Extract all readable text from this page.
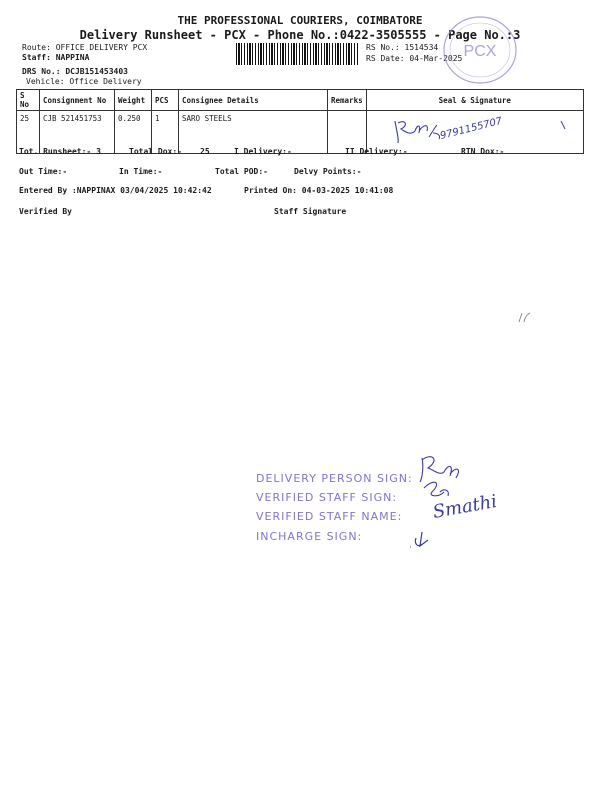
THE PROFESSIONAL COURIERS, COIMBATORE
Delivery Runsheet - PCX - Phone No.:0422-3505555 - Page No.:3
Route: OFFICE DELIVERY PCX
Staff: NAPPINA
DRS No.: DCJB151453403
Vehicle: Office Delivery
RS No.: 1514534
RS Date: 04-Mar-2025 PCX
S No	Consignment No	Weight	PCS	Consignee Details	Remarks	Seal & Signature
25	CJB 521451753	0.250	1	SARO STEELS		9791155707
Tot. Runsheet:- 3	Total Dox:- 25	I Delivery:-	II Delivery:-	RTN Dox:-
Out Time:-	In Time:-	Total POD:-	Delvy Points:-
Entered By :NAPPINAX 03/04/2025 10:42:42	Printed On: 04-03-2025 10:41:08
Verified By	Staff Signature
DELIVERY PERSON SIGN:
VERIFIED STAFF SIGN:
VERIFIED STAFF NAME:
INCHARGE SIGN:
Smathi
